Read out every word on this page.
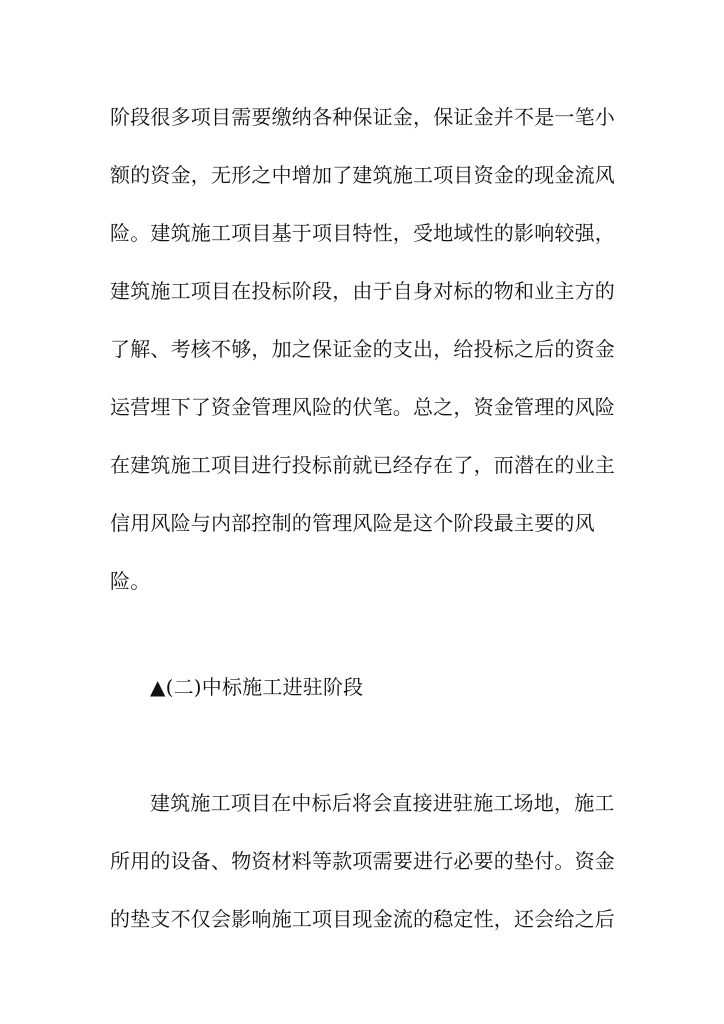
阶段很多项目需要缴纳各种保证金，保证金并不是一笔小
额的资金，无形之中增加了建筑施工项目资金的现金流风
险。建筑施工项目基于项目特性，受地域性的影响较强，
建筑施工项目在投标阶段，由于自身对标的物和业主方的
了解、考核不够，加之保证金的支出，给投标之后的资金
运营埋下了资金管理风险的伏笔。总之，资金管理的风险
在建筑施工项目进行投标前就已经存在了，而潜在的业主
信用风险与内部控制的管理风险是这个阶段最主要的风
险。
▲(二)中标施工进驻阶段
建筑施工项目在中标后将会直接进驻施工场地，施工
所用的设备、物资材料等款项需要进行必要的垫付。资金
的垫支不仅会影响施工项目现金流的稳定性，还会给之后
